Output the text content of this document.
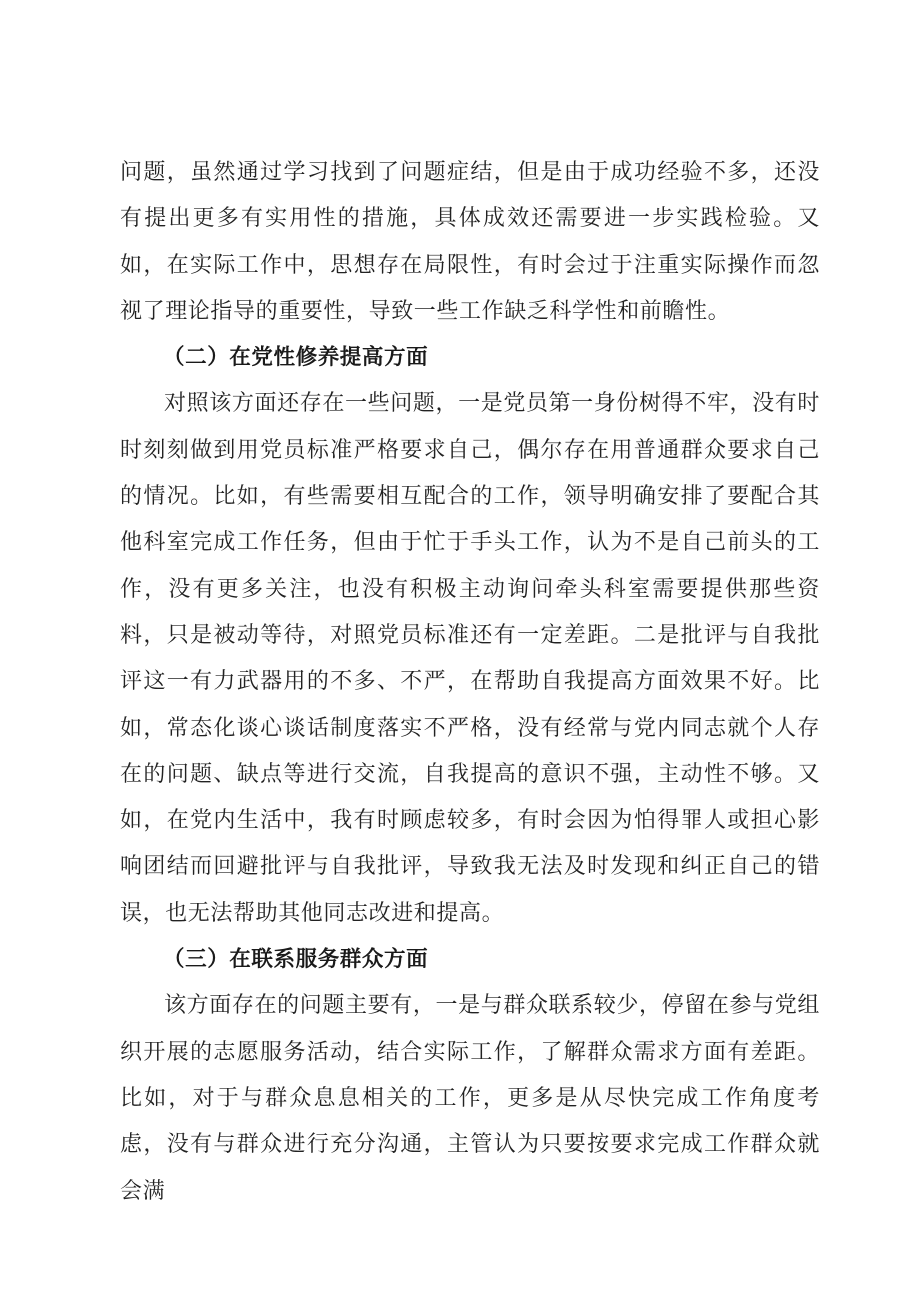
问题，虽然通过学习找到了问题症结，但是由于成功经验不多，还没有提出更多有实用性的措施，具体成效还需要进一步实践检验。又如，在实际工作中，思想存在局限性，有时会过于注重实际操作而忽视了理论指导的重要性，导致一些工作缺乏科学性和前瞻性。

（二）在党性修养提高方面

对照该方面还存在一些问题，一是党员第一身份树得不牢，没有时时刻刻做到用党员标准严格要求自己，偶尔存在用普通群众要求自己的情况。比如，有些需要相互配合的工作，领导明确安排了要配合其他科室完成工作任务，但由于忙于手头工作，认为不是自己前头的工作，没有更多关注，也没有积极主动询问牵头科室需要提供那些资料，只是被动等待，对照党员标准还有一定差距。二是批评与自我批评这一有力武器用的不多、不严，在帮助自我提高方面效果不好。比如，常态化谈心谈话制度落实不严格，没有经常与党内同志就个人存在的问题、缺点等进行交流，自我提高的意识不强，主动性不够。又如，在党内生活中，我有时顾虑较多，有时会因为怕得罪人或担心影响团结而回避批评与自我批评，导致我无法及时发现和纠正自己的错误，也无法帮助其他同志改进和提高。

（三）在联系服务群众方面

该方面存在的问题主要有，一是与群众联系较少，停留在参与党组织开展的志愿服务活动，结合实际工作，了解群众需求方面有差距。比如，对于与群众息息相关的工作，更多是从尽快完成工作角度考虑，没有与群众进行充分沟通，主管认为只要按要求完成工作群众就会满
